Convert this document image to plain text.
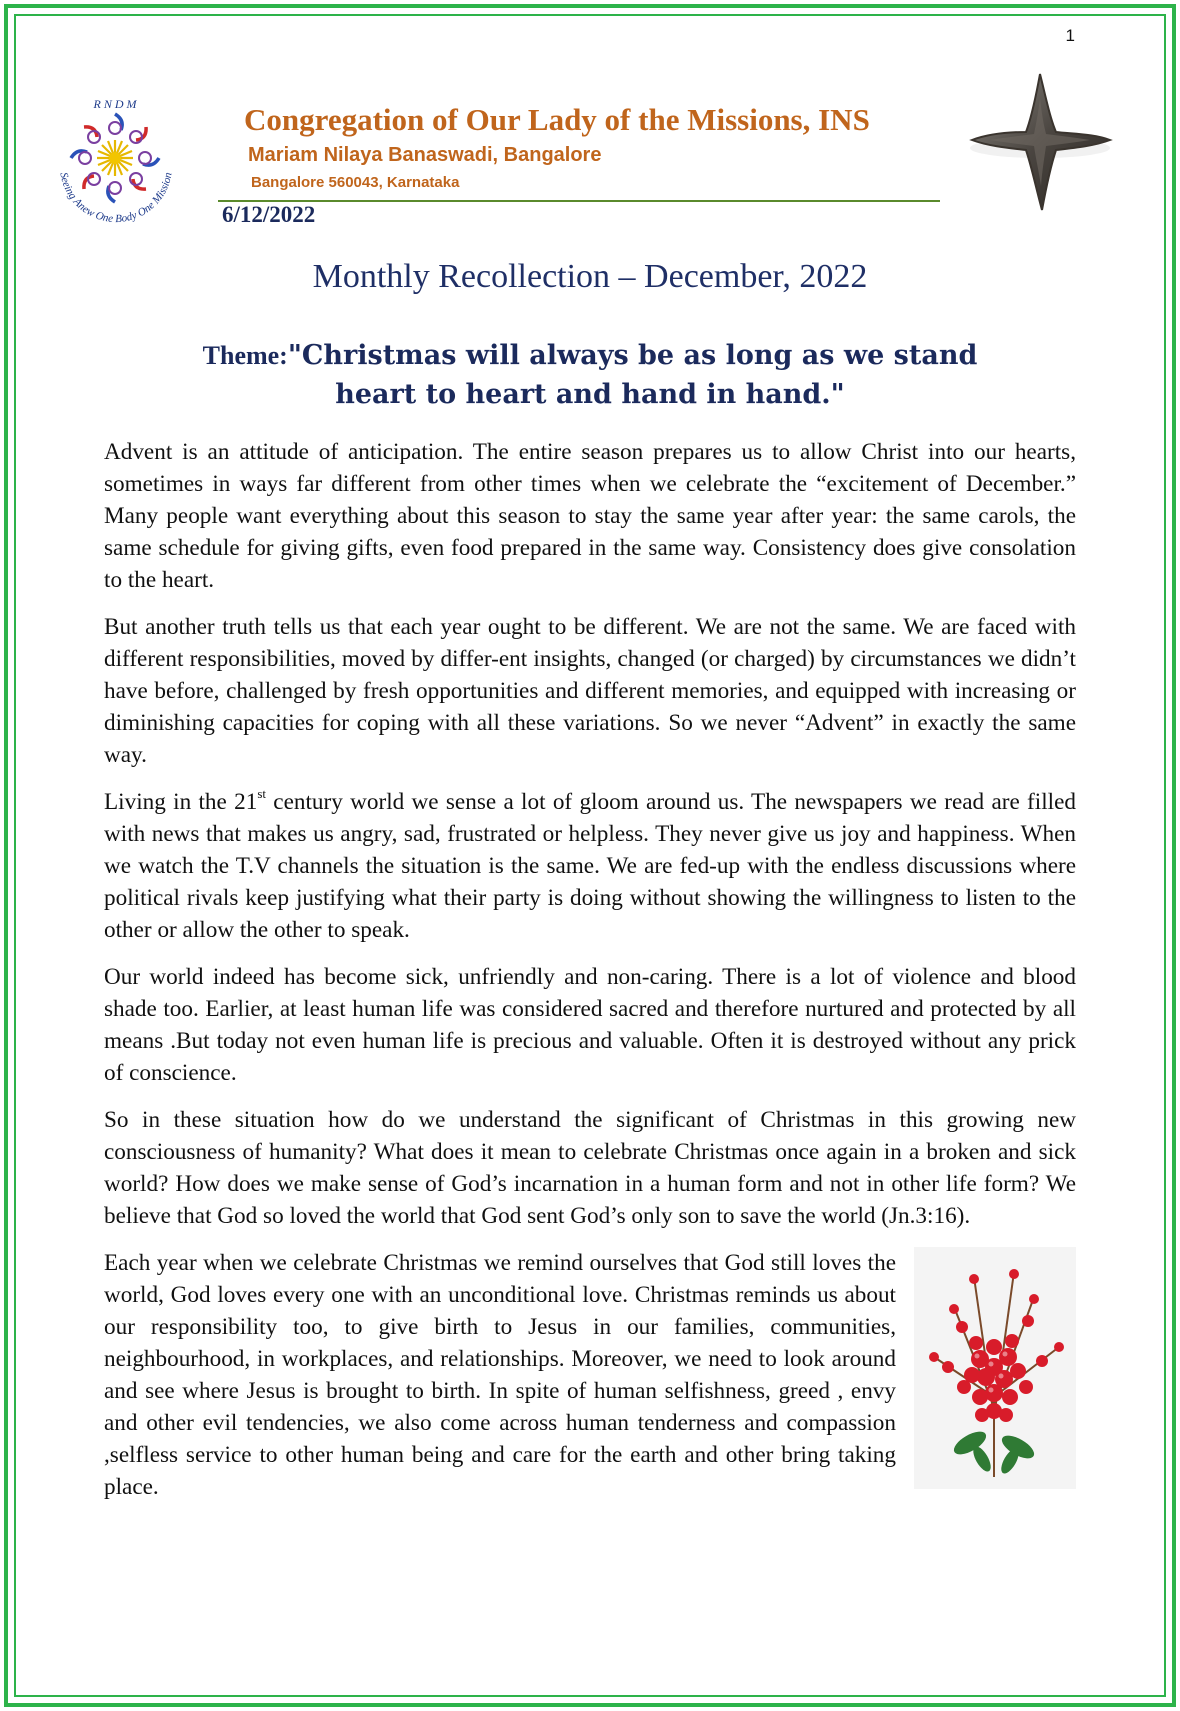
1
R N D M
Seeing Anew One Body One Mission
Congregation of Our Lady of the Missions, INS
Mariam Nilaya Banaswadi, Bangalore
Bangalore 560043, Karnataka
6/12/2022
Monthly Recollection – December, 2022
Theme:"Christmas will always be as long as we stand
heart to heart and hand in hand."

Advent is an attitude of anticipation. The entire season prepares us to allow Christ into our hearts, sometimes in ways far different from other times when we celebrate the “excitement of December.” Many people want everything about this season to stay the same year after year: the same carols, the same schedule for giving gifts, even food prepared in the same way. Consistency does give consolation to the heart.

But another truth tells us that each year ought to be different. We are not the same. We are faced with different responsibilities, moved by differ-ent insights, changed (or charged) by circumstances we didn’t have before, challenged by fresh opportunities and different memories, and equipped with increasing or diminishing capacities for coping with all these variations. So we never “Advent” in exactly the same way.

Living in the 21st century world we sense a lot of gloom around us. The newspapers we read are filled with news that makes us angry, sad, frustrated or helpless. They never give us joy and happiness. When we watch the T.V channels the situation is the same. We are fed-up with the endless discussions where political rivals keep justifying what their party is doing without showing the willingness to listen to the other or allow the other to speak.

Our world indeed has become sick, unfriendly and non-caring. There is a lot of violence and blood shade too. Earlier, at least human life was considered sacred and therefore nurtured and protected by all means .But today not even human life is precious and valuable. Often it is destroyed without any prick of conscience.

So in these situation how do we understand the significant of Christmas in this growing new consciousness of humanity? What does it mean to celebrate Christmas once again in a broken and sick world? How does we make sense of God’s incarnation in a human form and not in other life form? We believe that God so loved the world that God sent God’s only son to save the world (Jn.3:16).

Each year when we celebrate Christmas we remind ourselves that God still loves the world, God loves every one with an unconditional love. Christmas reminds us about our responsibility too, to give birth to Jesus in our families, communities, neighbourhood, in workplaces, and relationships. Moreover, we need to look around and see where Jesus is brought to birth. In spite of human selfishness, greed , envy and other evil tendencies, we also come across human tenderness and compassion ,selfless service to other human being and care for the earth and other bring taking place.
